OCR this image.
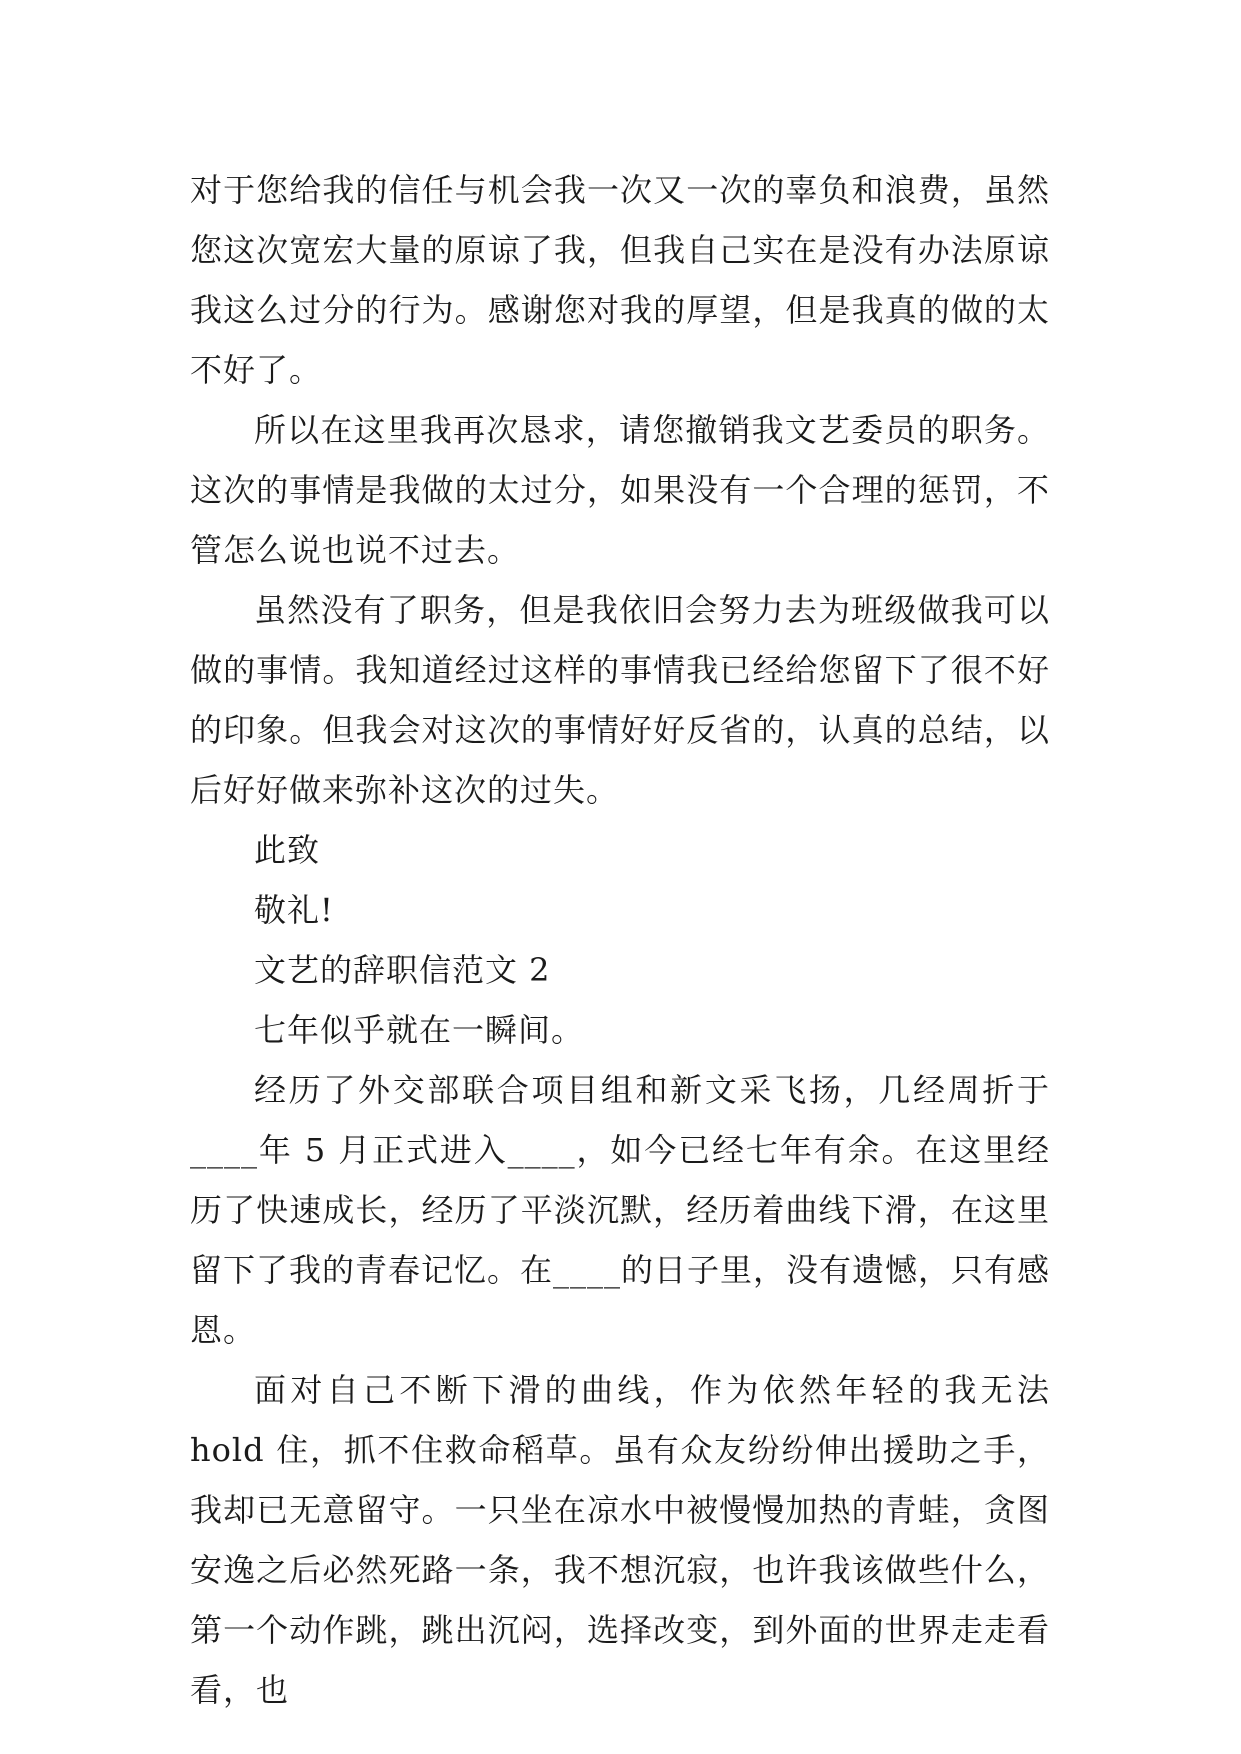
对于您给我的信任与机会我一次又一次的辜负和浪费，虽然您这次宽宏大量的原谅了我，但我自己实在是没有办法原谅我这么过分的行为。感谢您对我的厚望，但是我真的做的太不好了。

所以在这里我再次恳求，请您撤销我文艺委员的职务。这次的事情是我做的太过分，如果没有一个合理的惩罚，不管怎么说也说不过去。

虽然没有了职务，但是我依旧会努力去为班级做我可以做的事情。我知道经过这样的事情我已经给您留下了很不好的印象。但我会对这次的事情好好反省的，认真的总结，以后好好做来弥补这次的过失。

此致

敬礼!

文艺的辞职信范文 2

七年似乎就在一瞬间。

经历了外交部联合项目组和新文采飞扬，几经周折于____年 5 月正式进入____，如今已经七年有余。在这里经历了快速成长，经历了平淡沉默，经历着曲线下滑，在这里留下了我的青春记忆。在____的日子里，没有遗憾，只有感恩。

面对自己不断下滑的曲线，作为依然年轻的我无法 hold 住，抓不住救命稻草。虽有众友纷纷伸出援助之手，我却已无意留守。一只坐在凉水中被慢慢加热的青蛙，贪图安逸之后必然死路一条，我不想沉寂，也许我该做些什么，第一个动作跳，跳出沉闷，选择改变，到外面的世界走走看看，也
